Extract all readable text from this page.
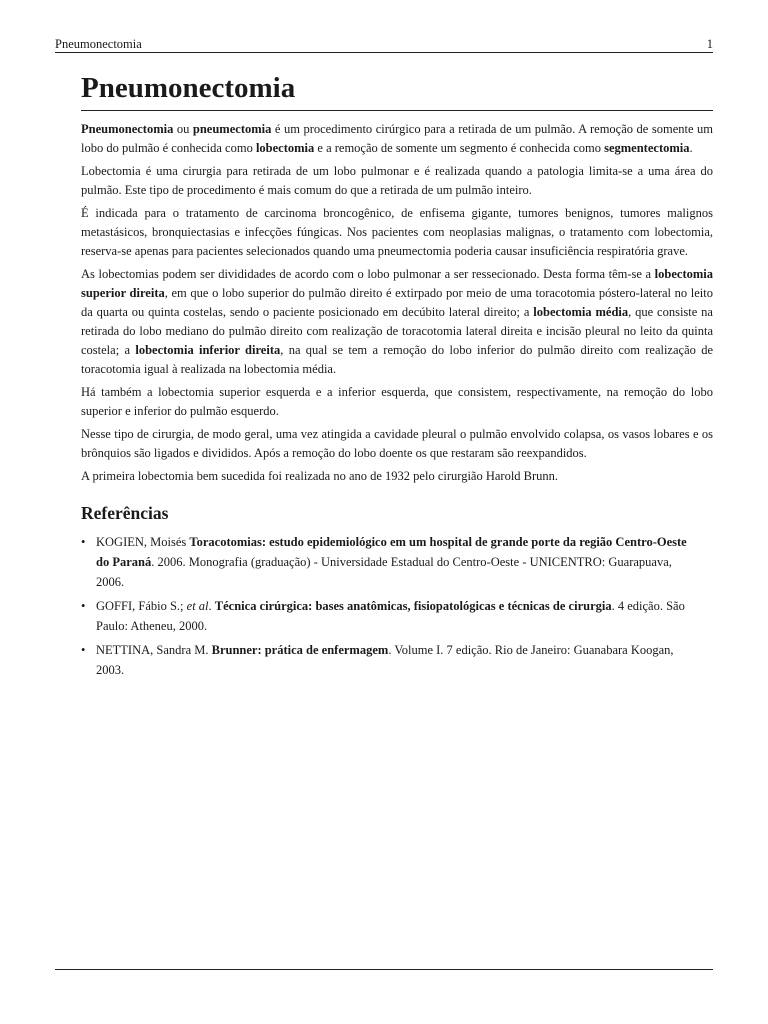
Pneumonectomia	1
Pneumonectomia

Pneumonectomia ou pneumectomia é um procedimento cirúrgico para a retirada de um pulmão. A remoção de somente um lobo do pulmão é conhecida como lobectomia e a remoção de somente um segmento é conhecida como segmentectomia.

Lobectomia é uma cirurgia para retirada de um lobo pulmonar e é realizada quando a patologia limita-se a uma área do pulmão. Este tipo de procedimento é mais comum do que a retirada de um pulmão inteiro.

É indicada para o tratamento de carcinoma broncogênico, de enfisema gigante, tumores benignos, tumores malignos metastásicos, bronquiectasias e infecções fúngicas. Nos pacientes com neoplasias malignas, o tratamento com lobectomia, reserva-se apenas para pacientes selecionados quando uma pneumectomia poderia causar insuficiência respiratória grave.

As lobectomias podem ser divididades de acordo com o lobo pulmonar a ser ressecionado. Desta forma têm-se a lobectomia superior direita, em que o lobo superior do pulmão direito é extirpado por meio de uma toracotomia póstero-lateral no leito da quarta ou quinta costelas, sendo o paciente posicionado em decúbito lateral direito; a lobectomia média, que consiste na retirada do lobo mediano do pulmão direito com realização de toracotomia lateral direita e incisão pleural no leito da quinta costela; a lobectomia inferior direita, na qual se tem a remoção do lobo inferior do pulmão direito com realização de toracotomia igual à realizada na lobectomia média.

Há também a lobectomia superior esquerda e a inferior esquerda, que consistem, respectivamente, na remoção do lobo superior e inferior do pulmão esquerdo.

Nesse tipo de cirurgia, de modo geral, uma vez atingida a cavidade pleural o pulmão envolvido colapsa, os vasos lobares e os brônquios são ligados e divididos. Após a remoção do lobo doente os que restaram são reexpandidos.

A primeira lobectomia bem sucedida foi realizada no ano de 1932 pelo cirurgião Harold Brunn.

Referências
• KOGIEN, Moisés Toracotomias: estudo epidemiológico em um hospital de grande porte da região Centro-Oeste do Paraná. 2006. Monografia (graduação) - Universidade Estadual do Centro-Oeste - UNICENTRO: Guarapuava, 2006.
• GOFFI, Fábio S.; et al. Técnica cirúrgica: bases anatômicas, fisiopatológicas e técnicas de cirurgia. 4 edição. São Paulo: Atheneu, 2000.
• NETTINA, Sandra M. Brunner: prática de enfermagem. Volume I. 7 edição. Rio de Janeiro: Guanabara Koogan, 2003.
